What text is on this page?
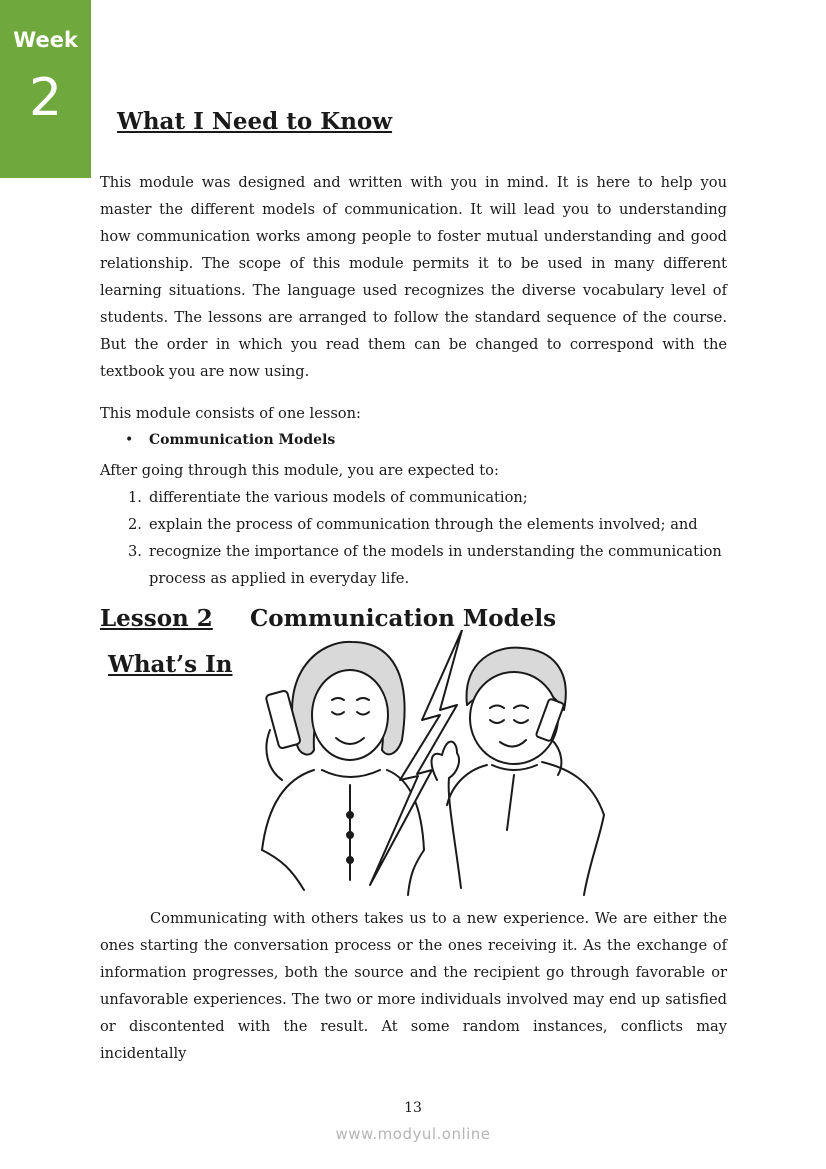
Week
2	What I Need to Know

This module was designed and written with you in mind. It is here to help you master the different models of communication. It will lead you to understanding how communication works among people to foster mutual understanding and good relationship. The scope of this module permits it to be used in many different learning situations. The language used recognizes the diverse vocabulary level of students. The lessons are arranged to follow the standard sequence of the course. But the order in which you read them can be changed to correspond with the textbook you are now using.

This module consists of one lesson:

• Communication Models
After going through this module, you are expected to:
1. differentiate the various models of communication;
2. explain the process of communication through the elements involved; and
3. recognize the importance of the models in understanding the communication process as applied in everyday life.
Lesson 2 Communication Models
What’s In

Communicating with others takes us to a new experience. We are either the ones starting the conversation process or the ones receiving it. As the exchange of information progresses, both the source and the recipient go through favorable or unfavorable experiences. The two or more individuals involved may end up satisfied or discontented with the result. At some random instances, conflicts may incidentally

13
www.modyul.online
